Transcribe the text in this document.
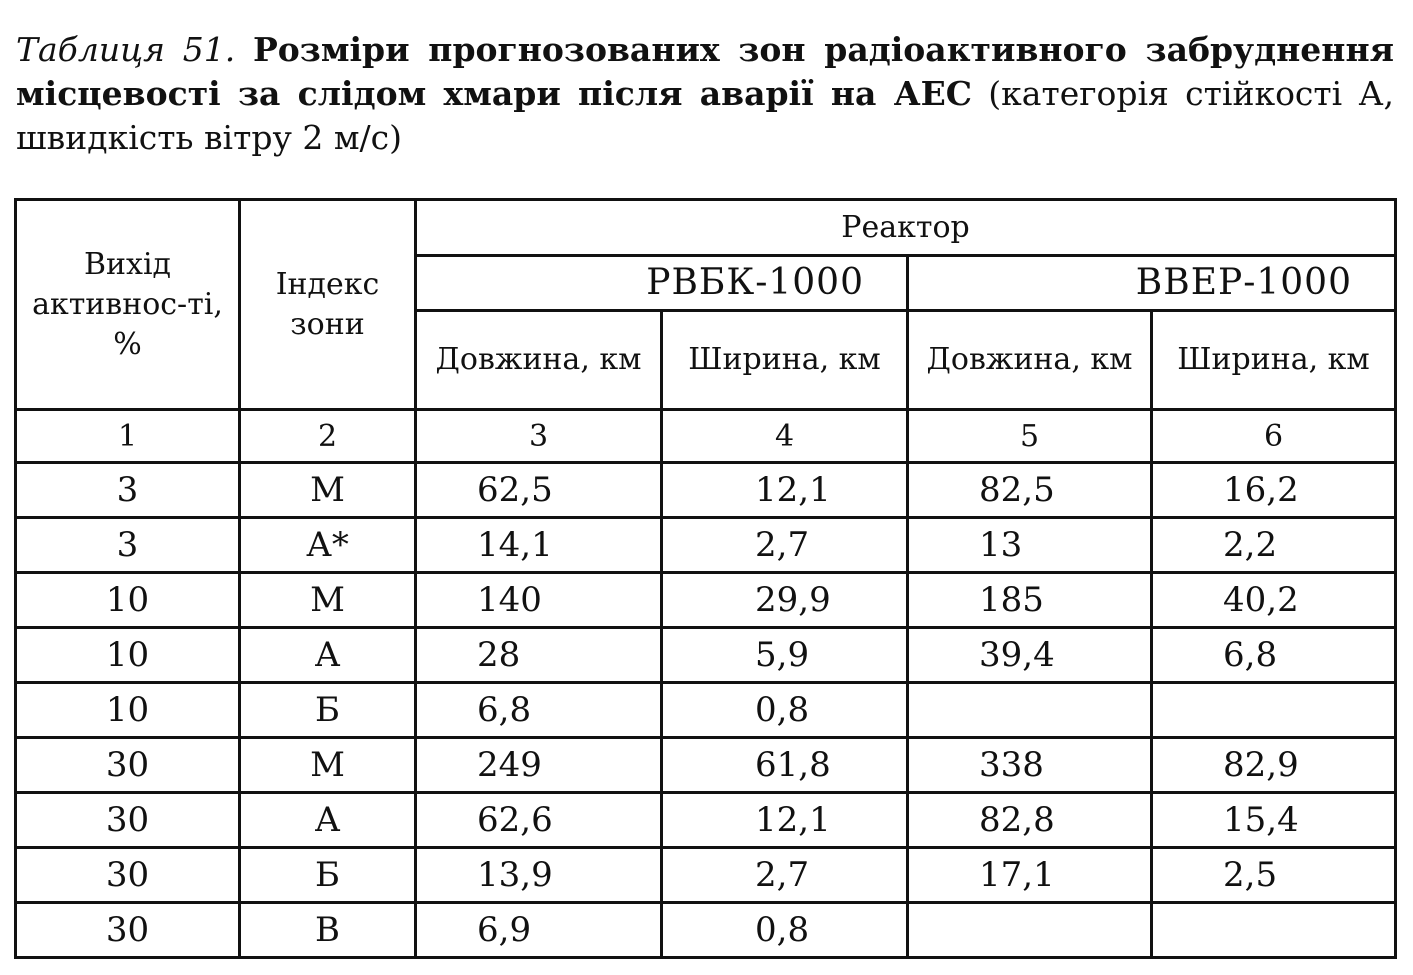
Таблиця 51. Розміри прогнозованих зон радіоактивного забруднення місцевості за слідом хмари після аварії на АЕС (категорія стійкості А, швидкість вітру 2 м/с)
Вихід активнос-ті, %	Індекс зони	Реактор			
		РВБК-1000		ВВЕР-1000	
		Довжина, км	Ширина, км	Довжина, км	Ширина, км
1	2	3	4	5	6
3	М	62,5	12,1	82,5	16,2
3	А*	14,1	2,7	13	2,2
10	М	140	29,9	185	40,2
10	А	28	5,9	39,4	6,8
10	Б	6,8	0,8		
30	М	249	61,8	338	82,9
30	А	62,6	12,1	82,8	15,4
30	Б	13,9	2,7	17,1	2,5
30	В	6,9	0,8		
